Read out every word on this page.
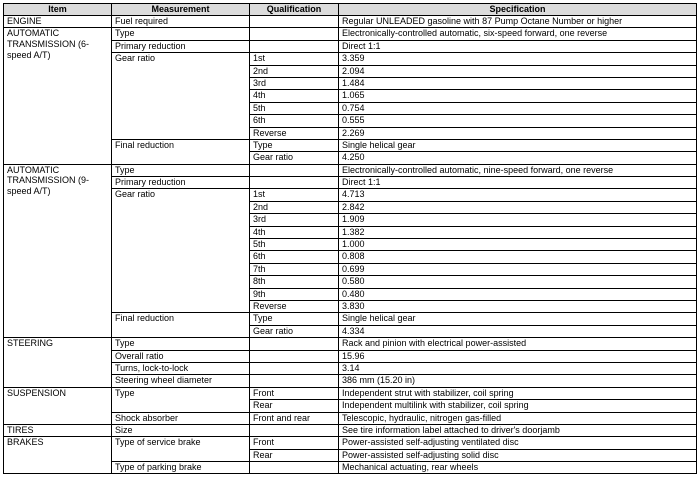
Item	Measurement	Qualification	Specification
ENGINE	Fuel required		Regular UNLEADED gasoline with 87 Pump Octane Number or higher
AUTOMATIC TRANSMISSION (6-speed A/T)	Type		Electronically-controlled automatic, six-speed forward, one reverse
	Primary reduction		Direct 1:1
	Gear ratio	1st	3.359
		2nd	2.094
		3rd	1.484
		4th	1.065
		5th	0.754
		6th	0.555
		Reverse	2.269
	Final reduction	Type	Single helical gear
		Gear ratio	4.250
AUTOMATIC TRANSMISSION (9-speed A/T)	Type		Electronically-controlled automatic, nine-speed forward, one reverse
	Primary reduction		Direct 1:1
	Gear ratio	1st	4.713
		2nd	2.842
		3rd	1.909
		4th	1.382
		5th	1.000
		6th	0.808
		7th	0.699
		8th	0.580
		9th	0.480
		Reverse	3.830
	Final reduction	Type	Single helical gear
		Gear ratio	4.334
STEERING	Type		Rack and pinion with electrical power-assisted
	Overall ratio		15.96
	Turns, lock-to-lock		3.14
	Steering wheel diameter		386 mm (15.20 in)
SUSPENSION	Type	Front	Independent strut with stabilizer, coil spring
		Rear	Independent multilink with stabilizer, coil spring
	Shock absorber	Front and rear	Telescopic, hydraulic, nitrogen gas-filled
TIRES	Size		See tire information label attached to driver's doorjamb
BRAKES	Type of service brake	Front	Power-assisted self-adjusting ventilated disc
		Rear	Power-assisted self-adjusting solid disc
	Type of parking brake		Mechanical actuating, rear wheels
